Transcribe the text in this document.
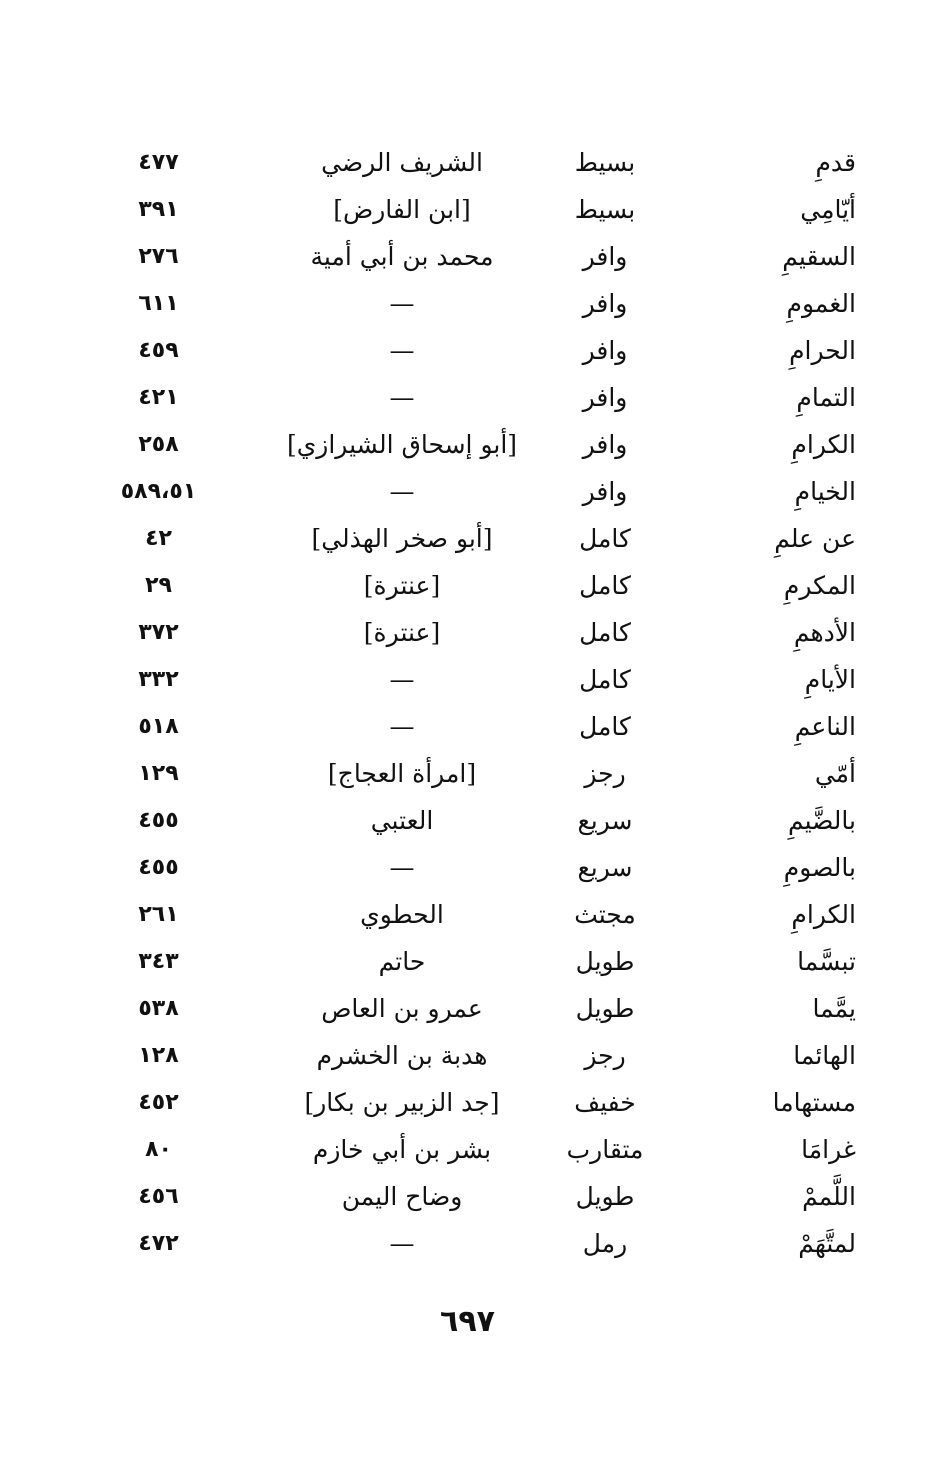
قدمِ
بسيط
الشريف الرضي
٤٧٧
أيّامِي
بسيط
[ابن الفارض]
٣٩١
السقيمِ
وافر
محمد بن أبي أمية
٢٧٦
الغمومِ
وافر
—
٦١١
الحرامِ
وافر
—
٤٥٩
التمامِ
وافر
—
٤٢١
الكرامِ
وافر
[أبو إسحاق الشيرازي]
٢٥٨
الخيامِ
وافر
—
٥٨٩،٥١
عن علمِ
كامل
[أبو صخر الهذلي]
٤٢
المكرمِ
كامل
[عنترة]
٢٩
الأدهمِ
كامل
[عنترة]
٣٧٢
الأيامِ
كامل
—
٣٣٢
الناعمِ
كامل
—
٥١٨
أمّي
رجز
[امرأة العجاج]
١٢٩
بالضَّيمِ
سريع
العتبي
٤٥٥
بالصومِ
سريع
—
٤٥٥
الكرامِ
مجتث
الحطوي
٢٦١
تبسَّما
طويل
حاتم
٣٤٣
يمَّما
طويل
عمرو بن العاص
٥٣٨
الهائما
رجز
هدبة بن الخشرم
١٢٨
مستهاما
خفيف
[جد الزبير بن بكار]
٤٥٢
غرامَا
متقارب
بشر بن أبي خازم
٨٠
اللَّممْ
طويل
وضاح اليمن
٤٥٦
لمتَّهَمْ
رمل
—
٤٧٢
٦٩٧
